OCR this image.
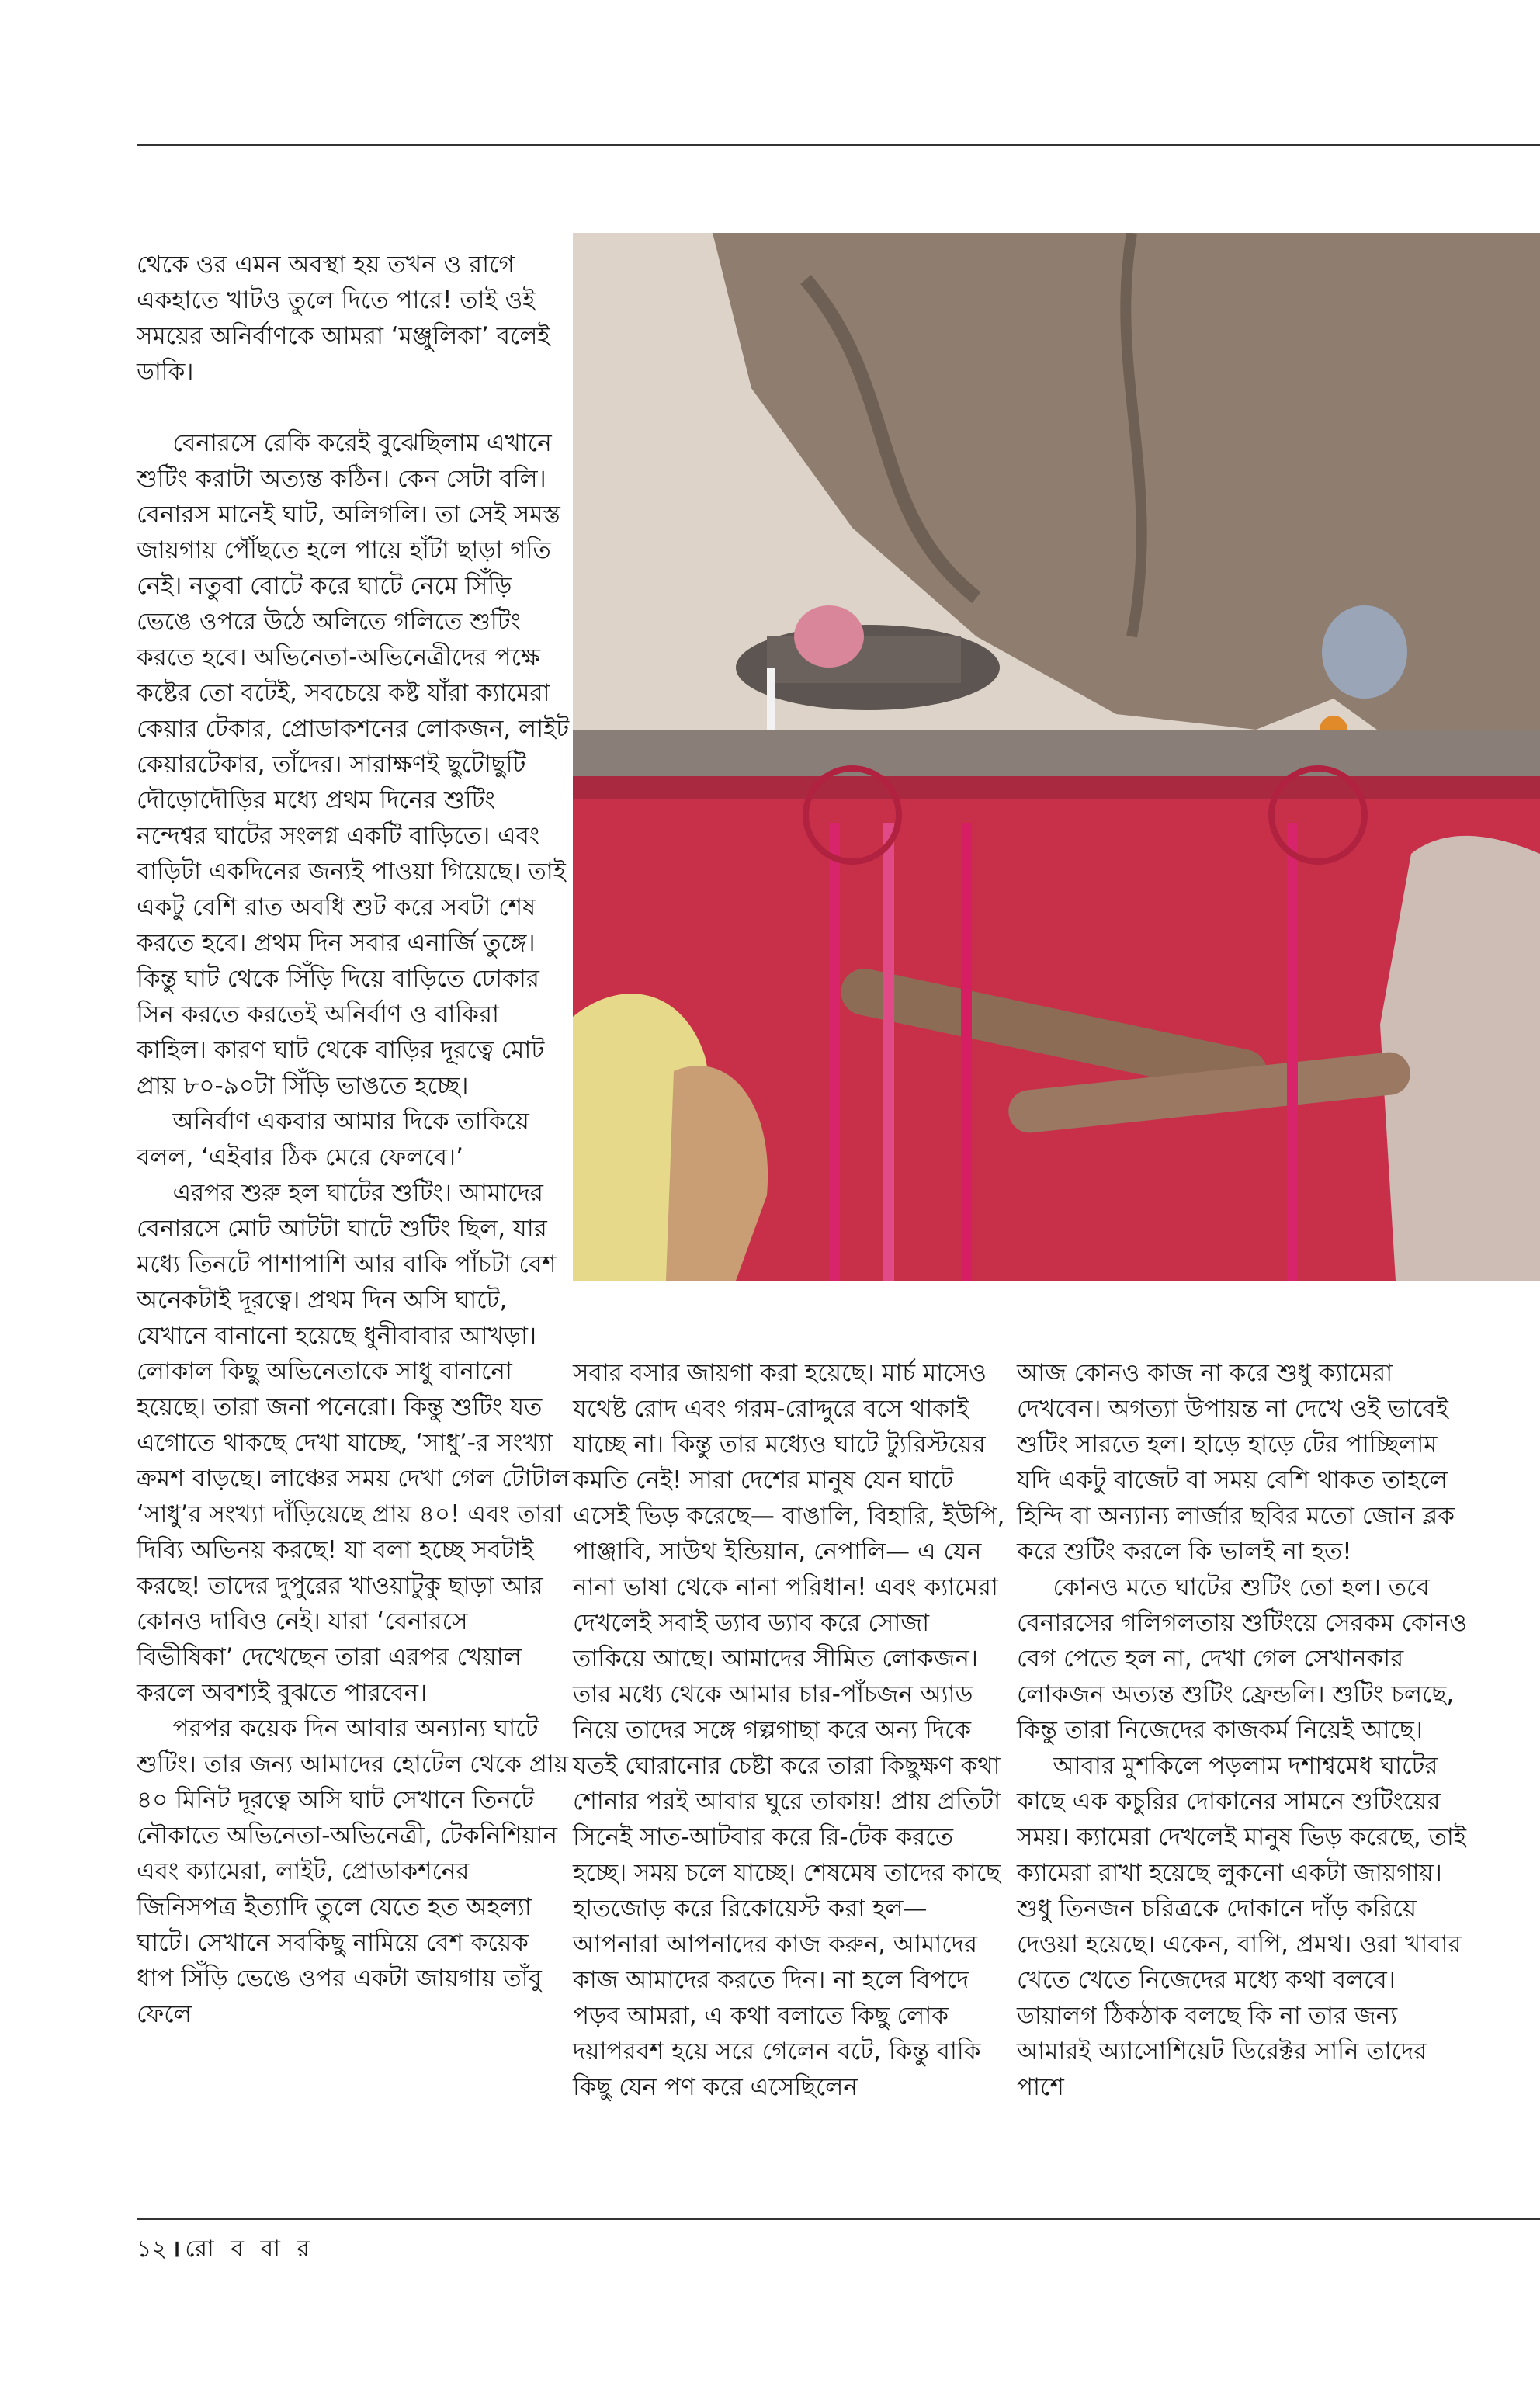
থেকে ওর এমন অবস্থা হয় তখন ও রাগে একহাতে খাটও তুলে দিতে পারে! তাই ওই সময়ের অনির্বাণকে আমরা ‘মঞ্জুলিকা’ বলেই ডাকি।

বেনারসে রেকি করেই বুঝেছিলাম এখানে শুটিং করাটা অত্যন্ত কঠিন। কেন সেটা বলি। বেনারস মানেই ঘাট, অলিগলি। তা সেই সমস্ত জায়গায় পৌঁছতে হলে পায়ে হাঁটা ছাড়া গতি নেই। নতুবা বোটে করে ঘাটে নেমে সিঁড়ি ভেঙে ওপরে উঠে অলিতে গলিতে শুটিং করতে হবে। অভিনেতা-অভিনেত্রীদের পক্ষে কষ্টের তো বটেই, সবচেয়ে কষ্ট যাঁরা ক্যামেরা কেয়ার টেকার, প্রোডাকশনের লোকজন, লাইট কেয়ারটেকার, তাঁদের। সারাক্ষণই ছুটোছুটি দৌড়োদৌড়ির মধ্যে প্রথম দিনের শুটিং নন্দেশ্বর ঘাটের সংলগ্ন একটি বাড়িতে। এবং বাড়িটা একদিনের জন্যই পাওয়া গিয়েছে। তাই একটু বেশি রাত অবধি শুট করে সবটা শেষ করতে হবে। প্রথম দিন সবার এনার্জি তুঙ্গে। কিন্তু ঘাট থেকে সিঁড়ি দিয়ে বাড়িতে ঢোকার সিন করতে করতেই অনির্বাণ ও বাকিরা কাহিল। কারণ ঘাট থেকে বাড়ির দূরত্বে মোট প্রায় ৮০-৯০টা সিঁড়ি ভাঙতে হচ্ছে।

অনির্বাণ একবার আমার দিকে তাকিয়ে বলল, ‘এইবার ঠিক মেরে ফেলবে।’

এরপর শুরু হল ঘাটের শুটিং। আমাদের বেনারসে মোট আটটা ঘাটে শুটিং ছিল, যার মধ্যে তিনটে পাশাপাশি আর বাকি পাঁচটা বেশ অনেকটাই দূরত্বে। প্রথম দিন অসি ঘাটে, যেখানে বানানো হয়েছে ধুনীবাবার আখড়া। লোকাল কিছু অভিনেতাকে সাধু বানানো হয়েছে। তারা জনা পনেরো। কিন্তু শুটিং যত এগোতে থাকছে দেখা যাচ্ছে, ‘সাধু’-র সংখ্যা ক্রমশ বাড়ছে। লাঞ্চের সময় দেখা গেল টোটাল ‘সাধু’র সংখ্যা দাঁড়িয়েছে প্রায় ৪০! এবং তারা দিব্যি অভিনয় করছে! যা বলা হচ্ছে সবটাই করছে! তাদের দুপুরের খাওয়াটুকু ছাড়া আর কোনও দাবিও নেই। যারা ‘বেনারসে বিভীষিকা’ দেখেছেন তারা এরপর খেয়াল করলে অবশ্যই বুঝতে পারবেন।

পরপর কয়েক দিন আবার অন্যান্য ঘাটে শুটিং। তার জন্য আমাদের হোটেল থেকে প্রায় ৪০ মিনিট দূরত্বে অসি ঘাট সেখানে তিনটে নৌকাতে অভিনেতা-অভিনেত্রী, টেকনিশিয়ান এবং ক্যামেরা, লাইট, প্রোডাকশনের জিনিসপত্র ইত্যাদি তুলে যেতে হত অহল্যা ঘাটে। সেখানে সবকিছু নামিয়ে বেশ কয়েক ধাপ সিঁড়ি ভেঙে ওপর একটা জায়গায় তাঁবু ফেলে

সবার বসার জায়গা করা হয়েছে। মার্চ মাসেও যথেষ্ট রোদ এবং গরম-রোদ্দুরে বসে থাকাই যাচ্ছে না। কিন্তু তার মধ্যেও ঘাটে ট্যুরিস্টয়ের কমতি নেই! সারা দেশের মানুষ যেন ঘাটে এসেই ভিড় করেছে— বাঙালি, বিহারি, ইউপি, পাঞ্জাবি, সাউথ ইন্ডিয়ান, নেপালি— এ যেন নানা ভাষা থেকে নানা পরিধান! এবং ক্যামেরা দেখলেই সবাই ড্যাব ড্যাব করে সোজা তাকিয়ে আছে। আমাদের সীমিত লোকজন। তার মধ্যে থেকে আমার চার-পাঁচজন অ্যাড নিয়ে তাদের সঙ্গে গল্পগাছা করে অন্য দিকে যতই ঘোরানোর চেষ্টা করে তারা কিছুক্ষণ কথা শোনার পরই আবার ঘুরে তাকায়! প্রায় প্রতিটা সিনেই সাত-আটবার করে রি-টেক করতে হচ্ছে। সময় চলে যাচ্ছে। শেষমেষ তাদের কাছে হাতজোড় করে রিকোয়েস্ট করা হল— আপনারা আপনাদের কাজ করুন, আমাদের কাজ আমাদের করতে দিন। না হলে বিপদে পড়ব আমরা, এ কথা বলাতে কিছু লোক দয়াপরবশ হয়ে সরে গেলেন বটে, কিন্তু বাকি কিছু যেন পণ করে এসেছিলেন

আজ কোনও কাজ না করে শুধু ক্যামেরা দেখবেন। অগত্যা উপায়ন্ত না দেখে ওই ভাবেই শুটিং সারতে হল। হাড়ে হাড়ে টের পাচ্ছিলাম যদি একটু বাজেট বা সময় বেশি থাকত তাহলে হিন্দি বা অন্যান্য লার্জার ছবির মতো জোন ব্লক করে শুটিং করলে কি ভালই না হত!

কোনও মতে ঘাটের শুটিং তো হল। তবে বেনারসের গলিগলতায় শুটিংয়ে সেরকম কোনও বেগ পেতে হল না, দেখা গেল সেখানকার লোকজন অত্যন্ত শুটিং ফ্রেন্ডলি। শুটিং চলছে, কিন্তু তারা নিজেদের কাজকর্ম নিয়েই আছে।

আবার মুশকিলে পড়লাম দশাশ্বমেধ ঘাটের কাছে এক কচুরির দোকানের সামনে শুটিংয়ের সময়। ক্যামেরা দেখলেই মানুষ ভিড় করেছে, তাই ক্যামেরা রাখা হয়েছে লুকনো একটা জায়গায়। শুধু তিনজন চরিত্রকে দোকানে দাঁড় করিয়ে দেওয়া হয়েছে। একেন, বাপি, প্রমথ। ওরা খাবার খেতে খেতে নিজেদের মধ্যে কথা বলবে। ডায়ালগ ঠিকঠাক বলছে কি না তার জন্য আমারই অ্যাসোশিয়েট ডিরেক্টর সানি তাদের পাশে

১২ । রো ব বা র
